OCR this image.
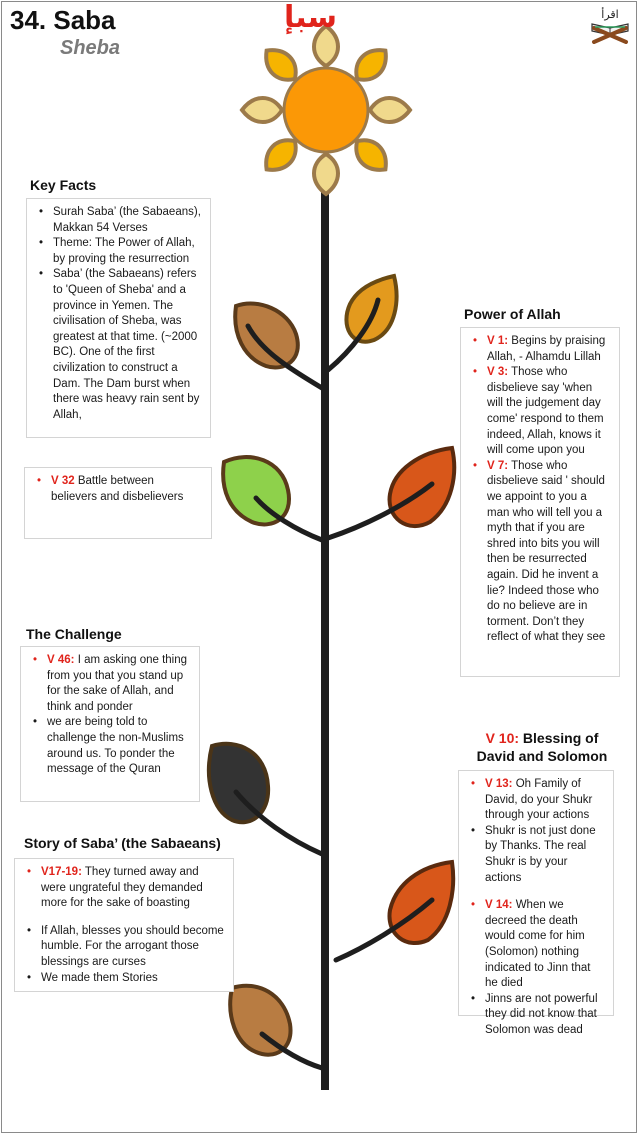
34. Saba
Sheba
سبإ	اقرأ
Key Facts
• Surah Saba’ (the Sabaeans), Makkan 54 Verses
• Theme: The Power of Allah, by proving the resurrection
• Saba’ (the Sabaeans) refers to 'Queen of Sheba' and a province in Yemen. The civilisation of Sheba, was greatest at that time. (~2000 BC). One of the first civilization to construct a Dam. The Dam burst when there was heavy rain sent by Allah,
• V 32 Battle between believers and disbelievers
The Challenge
• V 46: I am asking one thing from you that you stand up for the sake of Allah, and think and ponder
• we are being told to challenge the non-Muslims around us. To ponder the message of the Quran
Story of Saba’ (the Sabaeans)
• V17-19: They turned away and were ungrateful they demanded more for the sake of boasting
• If Allah, blesses you should become humble. For the arrogant those blessings are curses
• We made them Stories
Power of Allah
• V 1: Begins by praising Allah, - Alhamdu Lillah
• V 3: Those who disbelieve say 'when will the judgement day come' respond to them indeed, Allah, knows it will come upon you
• V 7: Those who disbelieve said ' should we appoint to you a man who will tell you a myth that if you are shred into bits you will then be resurrected again. Did he invent a lie? Indeed those who do no believe are in torment. Don’t they reflect of what they see
V 10: Blessing of
David and Solomon
• V 13: Oh Family of David, do your Shukr through your actions
• Shukr is not just done by Thanks. The real Shukr is by your actions
• V 14: When we decreed the death would come for him (Solomon) nothing indicated to Jinn that he died
• Jinns are not powerful they did not know that Solomon was dead
